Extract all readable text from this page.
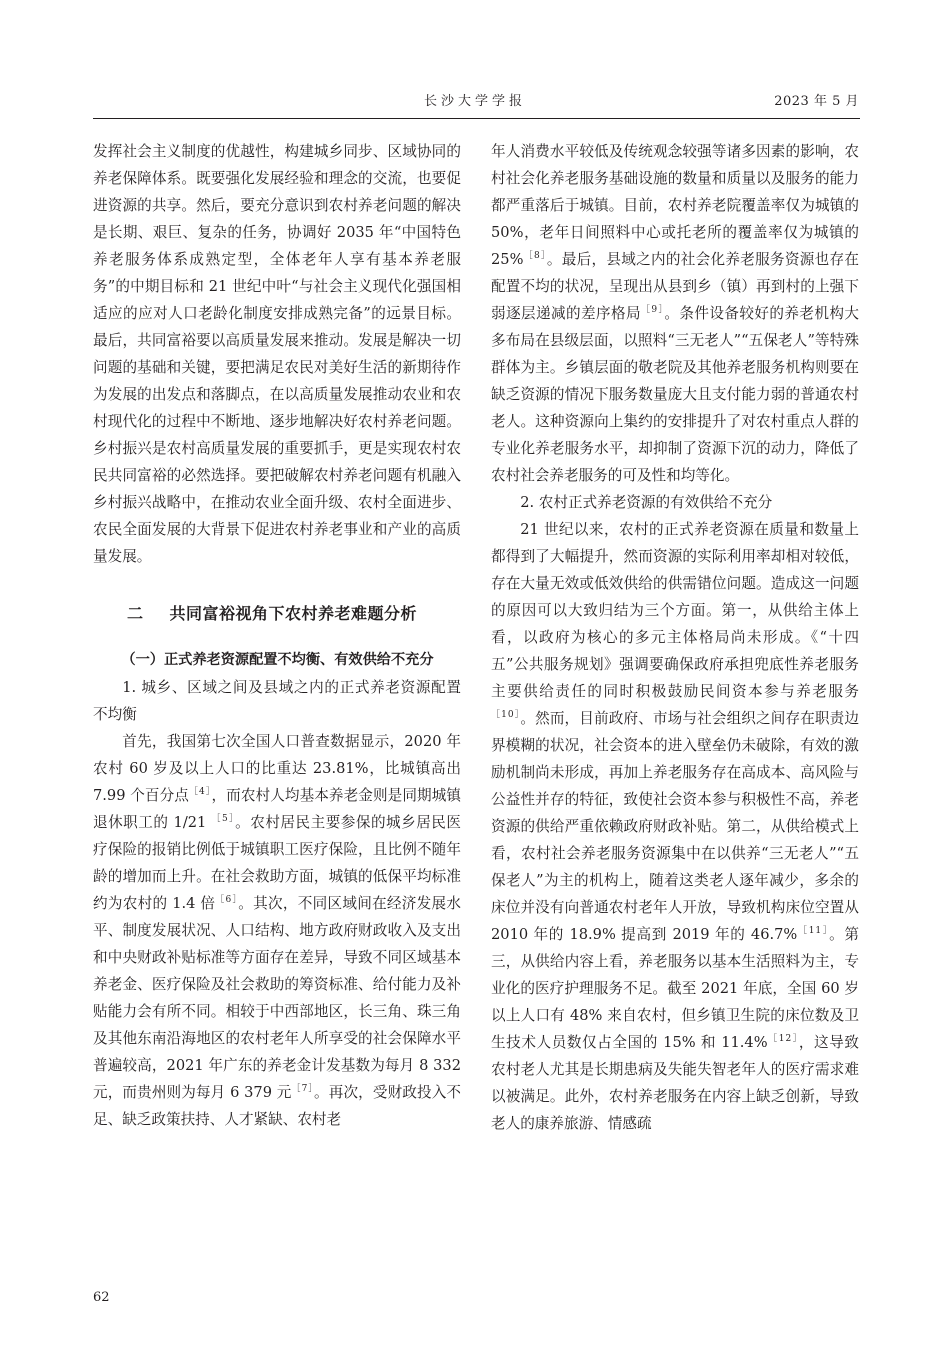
长沙大学学报	2023 年 5 月

发挥社会主义制度的优越性，构建城乡同步、区域协同的养老保障体系。既要强化发展经验和理念的交流，也要促进资源的共享。然后，要充分意识到农村养老问题的解决是长期、艰巨、复杂的任务，协调好 2035 年“中国特色养老服务体系成熟定型，全体老年人享有基本养老服务”的中期目标和 21 世纪中叶“与社会主义现代化强国相适应的应对人口老龄化制度安排成熟完备”的远景目标。最后，共同富裕要以高质量发展来推动。发展是解决一切问题的基础和关键，要把满足农民对美好生活的新期待作为发展的出发点和落脚点，在以高质量发展推动农业和农村现代化的过程中不断地、逐步地解决好农村养老问题。乡村振兴是农村高质量发展的重要抓手，更是实现农村农民共同富裕的必然选择。要把破解农村养老问题有机融入乡村振兴战略中，在推动农业全面升级、农村全面进步、农民全面发展的大背景下促进农村养老事业和产业的高质量发展。

二 共同富裕视角下农村养老难题分析

（一）正式养老资源配置不均衡、有效供给不充分

1. 城乡、区域之间及县域之内的正式养老资源配置不均衡

首先，我国第七次全国人口普查数据显示，2020 年农村 60 岁及以上人口的比重达 23.81%，比城镇高出 7.99 个百分点$^{[4]}$，而农村人均基本养老金则是同期城镇退休职工的 1/21 $^{[5]}$。农村居民主要参保的城乡居民医疗保险的报销比例低于城镇职工医疗保险，且比例不随年龄的增加而上升。在社会救助方面，城镇的低保平均标准约为农村的 1.4 倍$^{[6]}$。其次，不同区域间在经济发展水平、制度发展状况、人口结构、地方政府财政收入及支出和中央财政补贴标准等方面存在差异，导致不同区域基本养老金、医疗保险及社会救助的筹资标准、给付能力及补贴能力会有所不同。相较于中西部地区，长三角、珠三角及其他东南沿海地区的农村老年人所享受的社会保障水平普遍较高，2021 年广东的养老金计发基数为每月 8 332 元，而贵州则为每月 6 379 元$^{[7]}$。再次，受财政投入不足、缺乏政策扶持、人才紧缺、农村老

年人消费水平较低及传统观念较强等诸多因素的影响，农村社会化养老服务基础设施的数量和质量以及服务的能力都严重落后于城镇。目前，农村养老院覆盖率仅为城镇的 50%，老年日间照料中心或托老所的覆盖率仅为城镇的 25%$^{[8]}$。最后，县域之内的社会化养老服务资源也存在配置不均的状况，呈现出从县到乡（镇）再到村的上强下弱逐层递减的差序格局$^{[9]}$。条件设备较好的养老机构大多布局在县级层面，以照料“三无老人”“五保老人”等特殊群体为主。乡镇层面的敬老院及其他养老服务机构则要在缺乏资源的情况下服务数量庞大且支付能力弱的普通农村老人。这种资源向上集约的安排提升了对农村重点人群的专业化养老服务水平，却抑制了资源下沉的动力，降低了农村社会养老服务的可及性和均等化。

2. 农村正式养老资源的有效供给不充分

21 世纪以来，农村的正式养老资源在质量和数量上都得到了大幅提升，然而资源的实际利用率却相对较低，存在大量无效或低效供给的供需错位问题。造成这一问题的原因可以大致归结为三个方面。第一，从供给主体上看，以政府为核心的多元主体格局尚未形成。《“十四五”公共服务规划》强调要确保政府承担兜底性养老服务主要供给责任的同时积极鼓励民间资本参与养老服务$^{[10]}$。然而，目前政府、市场与社会组织之间存在职责边界模糊的状况，社会资本的进入壁垒仍未破除，有效的激励机制尚未形成，再加上养老服务存在高成本、高风险与公益性并存的特征，致使社会资本参与积极性不高，养老资源的供给严重依赖政府财政补贴。第二，从供给模式上看，农村社会养老服务资源集中在以供养“三无老人”“五保老人”为主的机构上，随着这类老人逐年减少，多余的床位并没有向普通农村老年人开放，导致机构床位空置从 2010 年的 18.9% 提高到 2019 年的 46.7%$^{[11]}$。第三，从供给内容上看，养老服务以基本生活照料为主，专业化的医疗护理服务不足。截至 2021 年底，全国 60 岁以上人口有 48% 来自农村，但乡镇卫生院的床位数及卫生技术人员数仅占全国的 15% 和 11.4%$^{[12]}$，这导致农村老人尤其是长期患病及失能失智老年人的医疗需求难以被满足。此外，农村养老服务在内容上缺乏创新，导致老人的康养旅游、情感疏

62
